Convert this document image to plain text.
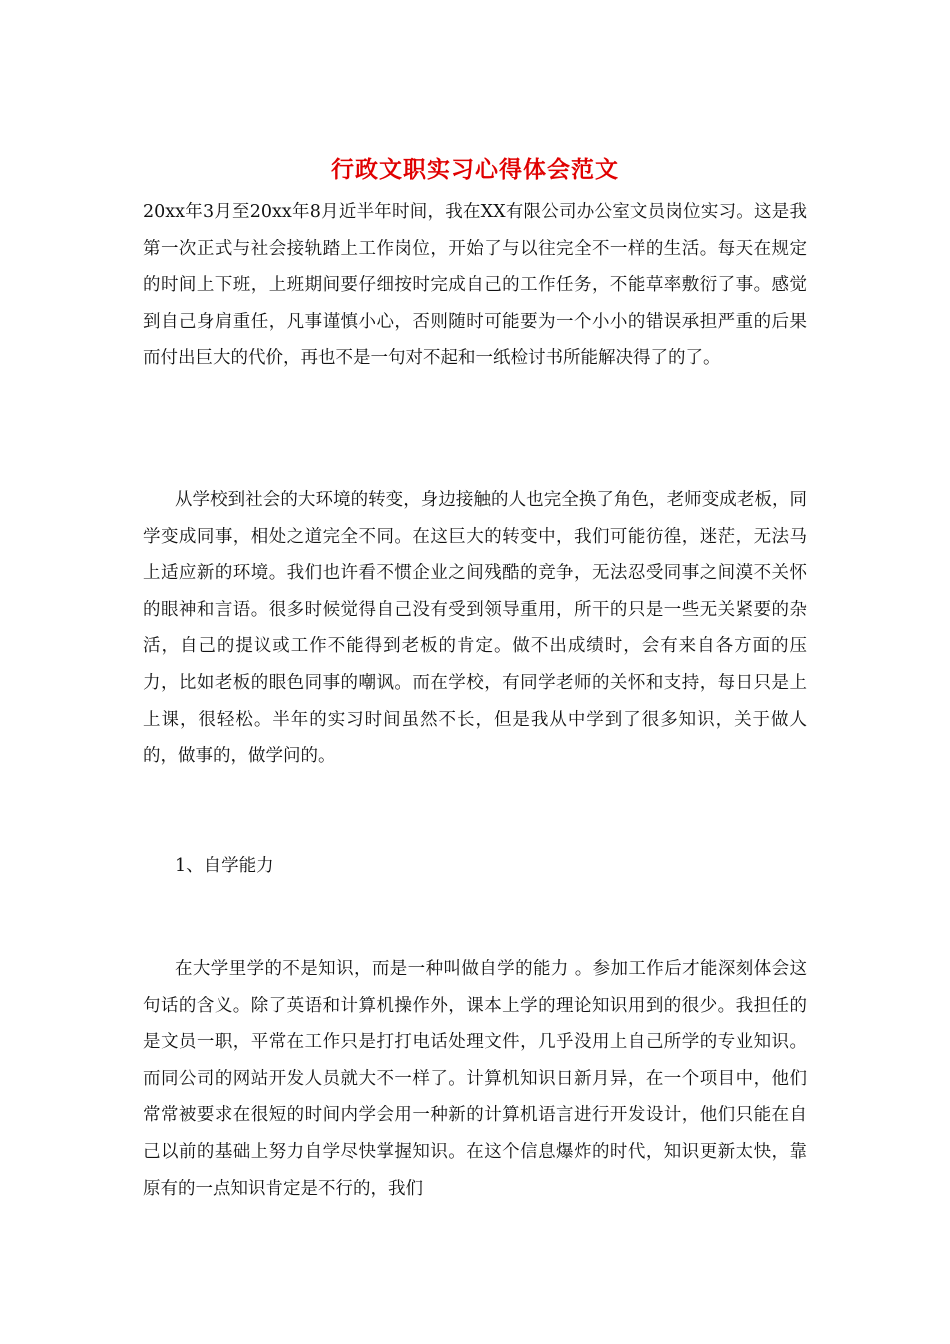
行政文职实习心得体会范文

20xx年3月至20xx年8月近半年时间，我在XX有限公司办公室文员岗位实习。这是我第一次正式与社会接轨踏上工作岗位，开始了与以往完全不一样的生活。每天在规定的时间上下班，上班期间要仔细按时完成自己的工作任务，不能草率敷衍了事。感觉到自己身肩重任，凡事谨慎小心，否则随时可能要为一个小小的错误承担严重的后果而付出巨大的代价，再也不是一句对不起和一纸检讨书所能解决得了的了。

从学校到社会的大环境的转变，身边接触的人也完全换了角色，老师变成老板，同学变成同事，相处之道完全不同。在这巨大的转变中，我们可能彷徨，迷茫，无法马上适应新的环境。我们也许看不惯企业之间残酷的竞争，无法忍受同事之间漠不关怀的眼神和言语。很多时候觉得自己没有受到领导重用，所干的只是一些无关紧要的杂活，自己的提议或工作不能得到老板的肯定。做不出成绩时，会有来自各方面的压力，比如老板的眼色同事的嘲讽。而在学校，有同学老师的关怀和支持，每日只是上上课，很轻松。半年的实习时间虽然不长，但是我从中学到了很多知识，关于做人的，做事的，做学问的。

1、自学能力

在大学里学的不是知识，而是一种叫做自学的能力 。参加工作后才能深刻体会这句话的含义。除了英语和计算机操作外，课本上学的理论知识用到的很少。我担任的是文员一职，平常在工作只是打打电话处理文件，几乎没用上自己所学的专业知识。而同公司的网站开发人员就大不一样了。计算机知识日新月异，在一个项目中，他们常常被要求在很短的时间内学会用一种新的计算机语言进行开发设计，他们只能在自己以前的基础上努力自学尽快掌握知识。在这个信息爆炸的时代，知识更新太快，靠原有的一点知识肯定是不行的，我们
